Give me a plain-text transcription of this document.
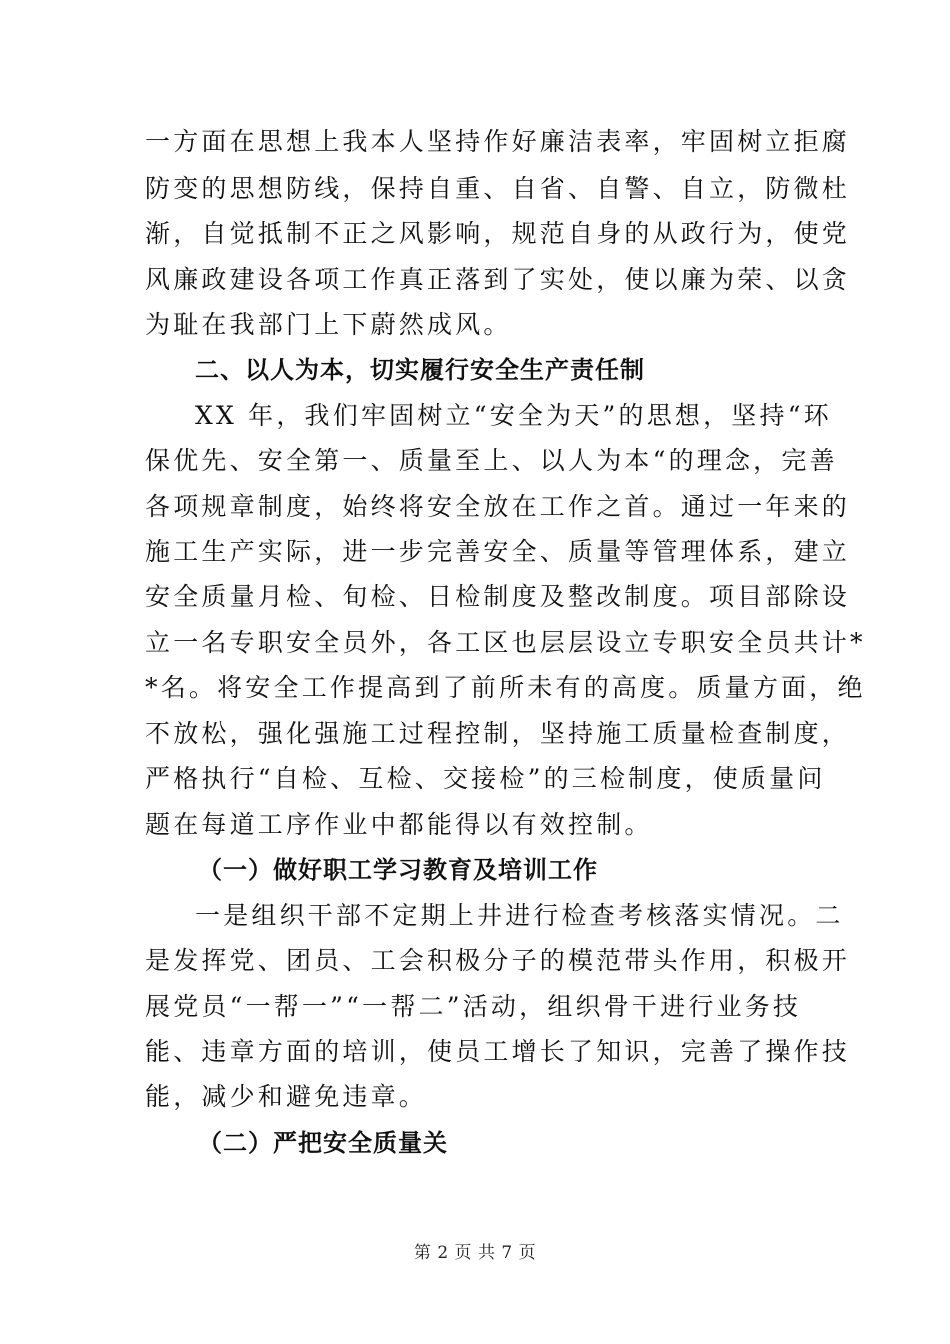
一方面在思想上我本人坚持作好廉洁表率，牢固树立拒腐
防变的思想防线，保持自重、自省、自警、自立，防微杜
渐，自觉抵制不正之风影响，规范自身的从政行为，使党
风廉政建设各项工作真正落到了实处，使以廉为荣、以贪
为耻在我部门上下蔚然成风。
二、以人为本，切实履行安全生产责任制
XX 年，我们牢固树立“安全为天”的思想，坚持“环
保优先、安全第一、质量至上、以人为本“的理念，完善
各项规章制度，始终将安全放在工作之首。通过一年来的
施工生产实际，进一步完善安全、质量等管理体系，建立
安全质量月检、旬检、日检制度及整改制度。项目部除设
立一名专职安全员外，各工区也层层设立专职安全员共计*
*名。将安全工作提高到了前所未有的高度。质量方面，绝
不放松，强化强施工过程控制，坚持施工质量检查制度，
严格执行“自检、互检、交接检”的三检制度，使质量问
题在每道工序作业中都能得以有效控制。
（一）做好职工学习教育及培训工作
一是组织干部不定期上井进行检查考核落实情况。二
是发挥党、团员、工会积极分子的模范带头作用，积极开
展党员“一帮一”“一帮二”活动，组织骨干进行业务技
能、违章方面的培训，使员工增长了知识，完善了操作技
能，减少和避免违章。
（二）严把安全质量关
第 2 页 共 7 页
